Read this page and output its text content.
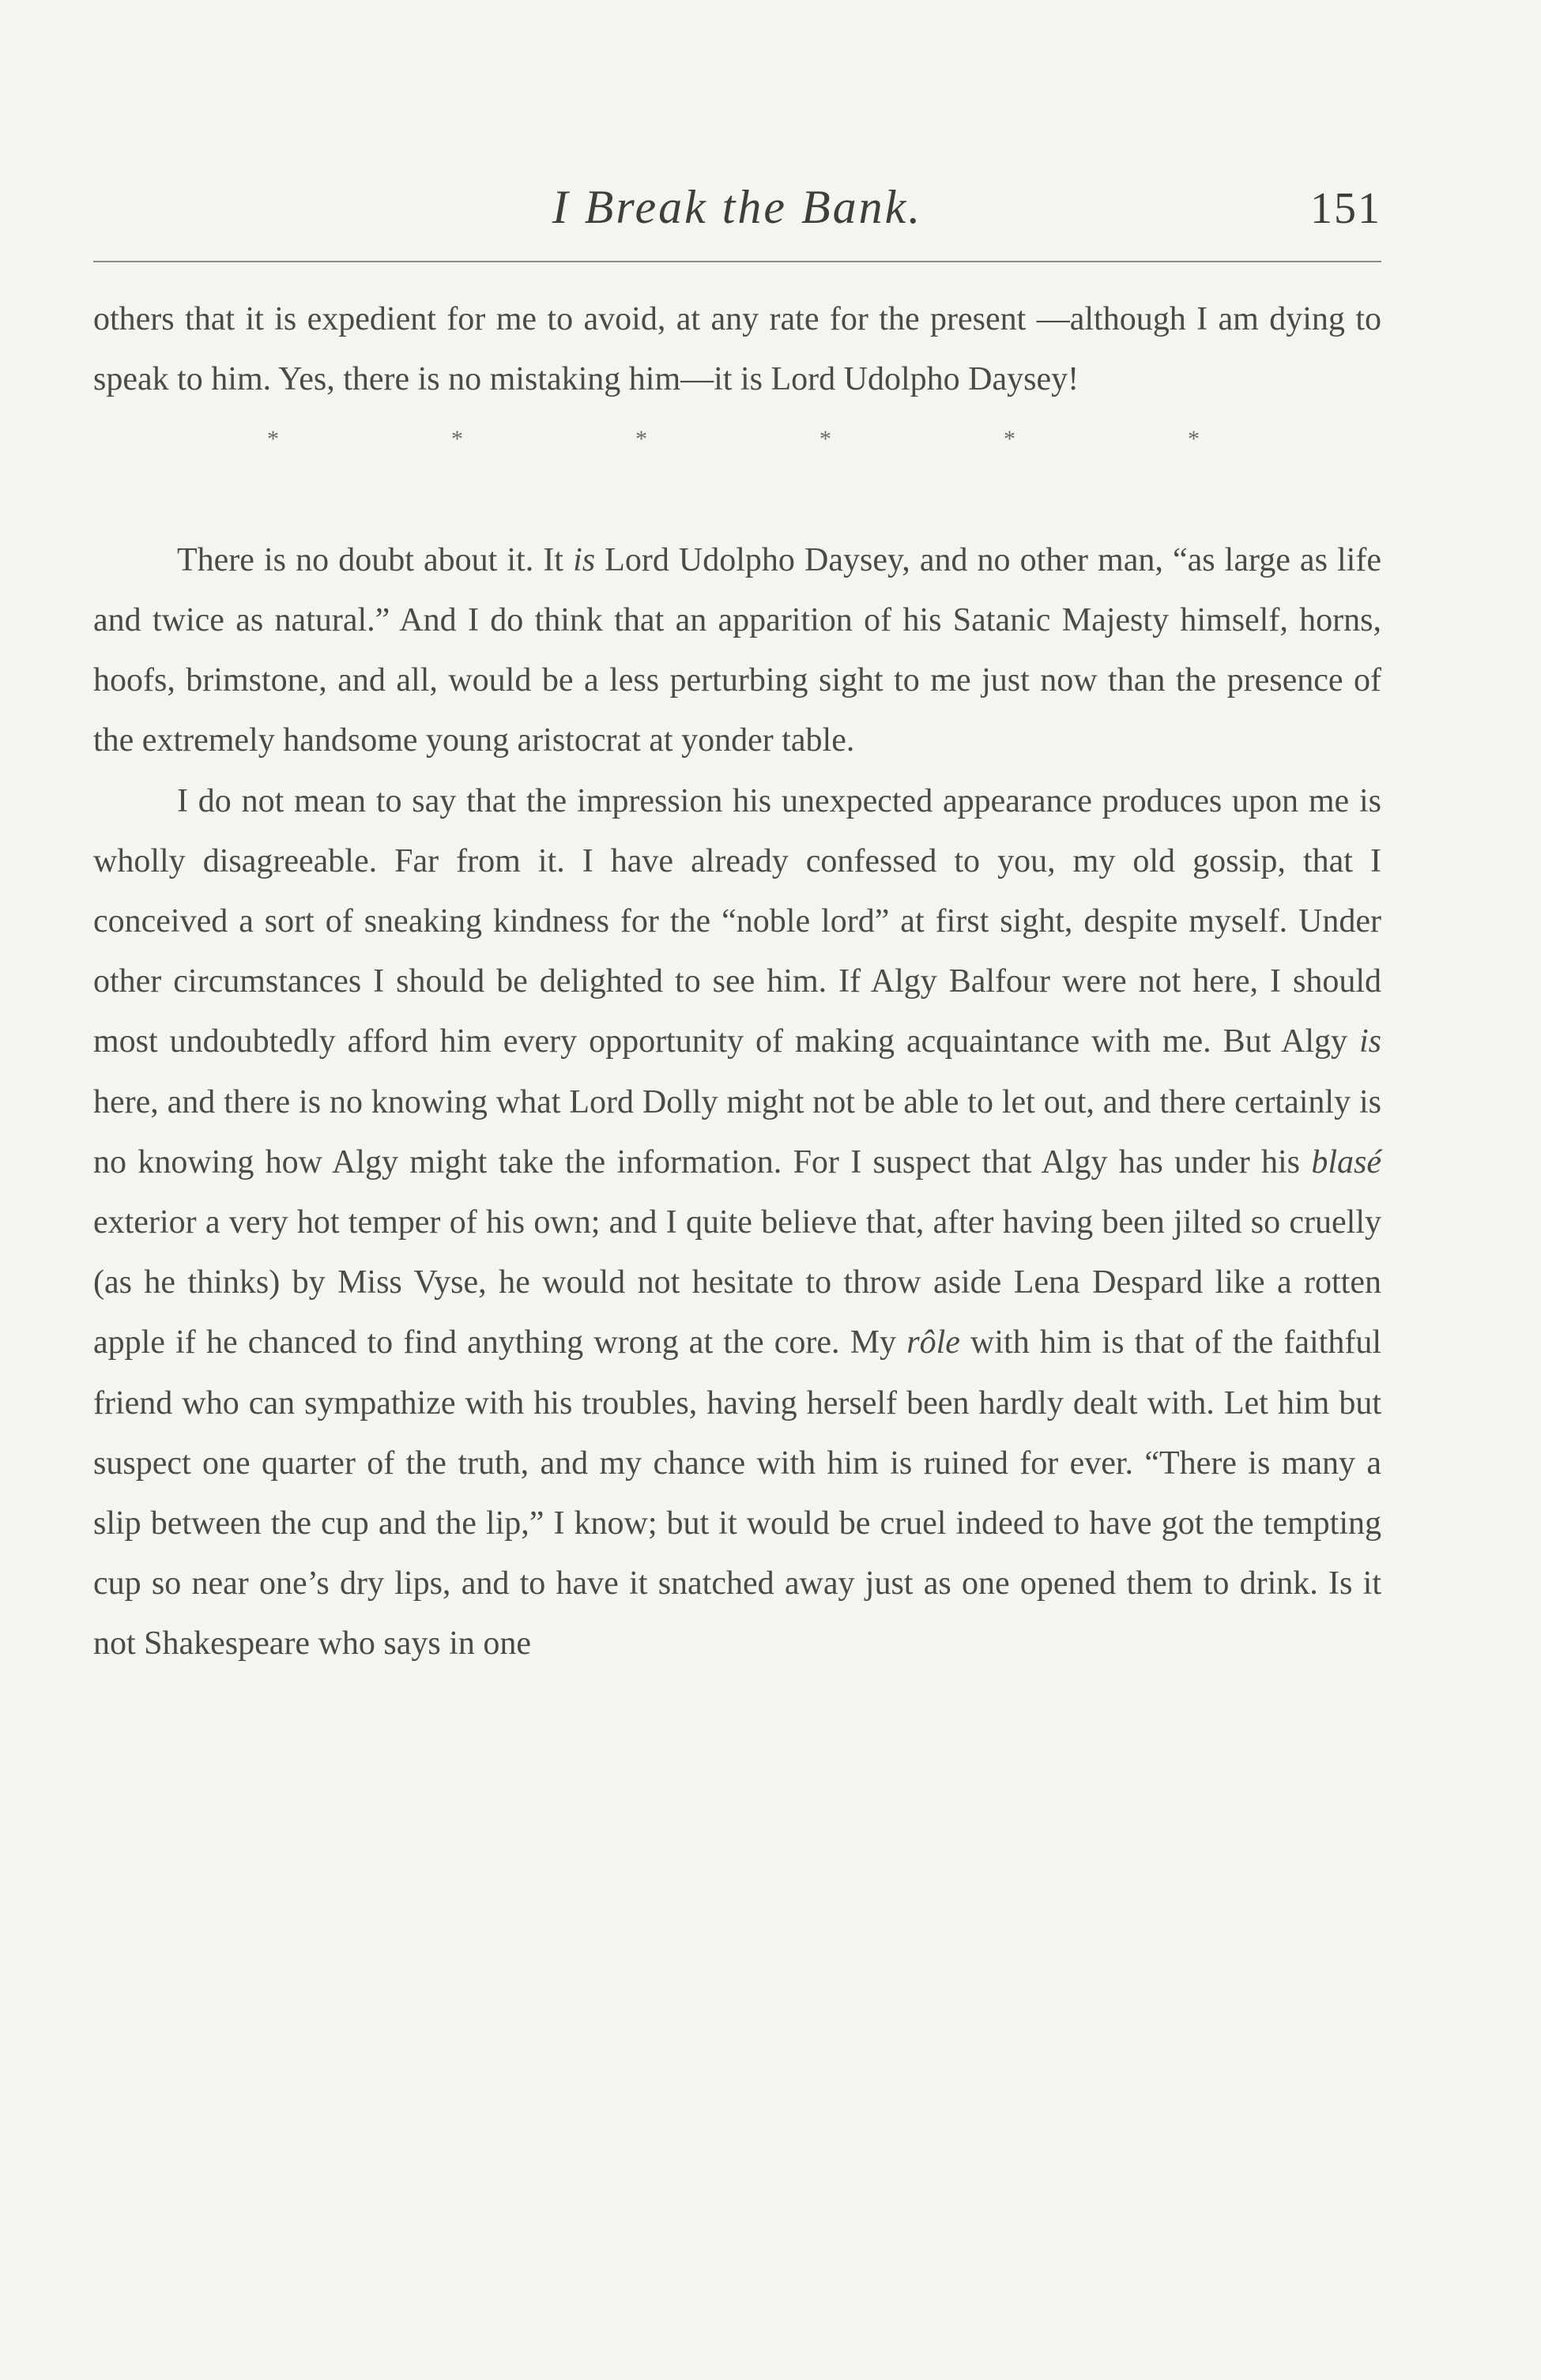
I Break the Bank.	151

others that it is expedient for me to avoid, at any rate for the present —although I am dying to speak to him. Yes, there is no mistaking him—it is Lord Udolpho Daysey!

*	*	*	*	*	*

There is no doubt about it. It is Lord Udolpho Daysey, and no other man, “as large as life and twice as natural.” And I do think that an apparition of his Satanic Majesty himself, horns, hoofs, brimstone, and all, would be a less perturbing sight to me just now than the presence of the extremely handsome young aristocrat at yonder table.

I do not mean to say that the impression his unexpected appearance produces upon me is wholly disagreeable. Far from it. I have already confessed to you, my old gossip, that I conceived a sort of sneaking kindness for the “noble lord” at first sight, despite myself. Under other circumstances I should be delighted to see him. If Algy Balfour were not here, I should most undoubtedly afford him every opportunity of making acquaintance with me. But Algy is here, and there is no knowing what Lord Dolly might not be able to let out, and there certainly is no knowing how Algy might take the information. For I suspect that Algy has under his blasé exterior a very hot temper of his own; and I quite believe that, after having been jilted so cruelly (as he thinks) by Miss Vyse, he would not hesitate to throw aside Lena Despard like a rotten apple if he chanced to find anything wrong at the core. My rôle with him is that of the faithful friend who can sympathize with his troubles, having herself been hardly dealt with. Let him but suspect one quarter of the truth, and my chance with him is ruined for ever. “There is many a slip between the cup and the lip,” I know; but it would be cruel indeed to have got the tempting cup so near one’s dry lips, and to have it snatched away just as one opened them to drink. Is it not Shakespeare who says in one
